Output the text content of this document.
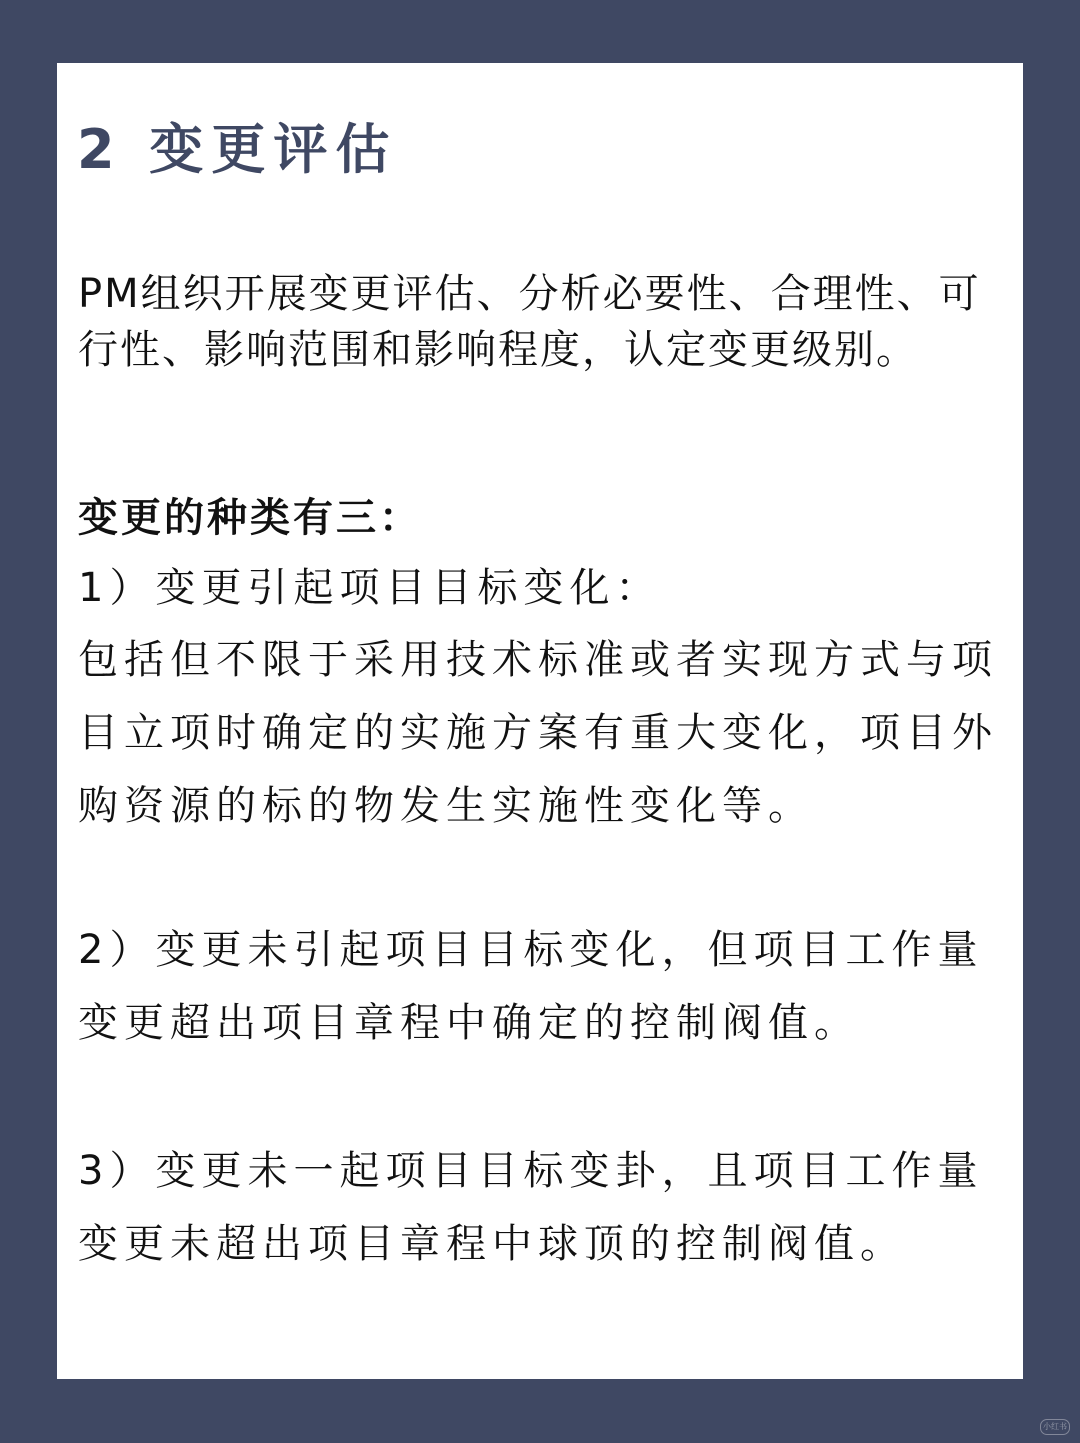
2 变更评估

PM组织开展变更评估、分析必要性、合理性、可行性、影响范围和影响程度，认定变更级别。

变更的种类有三：
1）变更引起项目目标变化：

包括但不限于采用技术标准或者实现方式与项目立项时确定的实施方案有重大变化，项目外购资源的标的物发生实施性变化等。

2）变更未引起项目目标变化，但项目工作量变更超出项目章程中确定的控制阀值。

3）变更未一起项目目标变卦，且项目工作量变更未超出项目章程中球顶的控制阀值。

小红书
